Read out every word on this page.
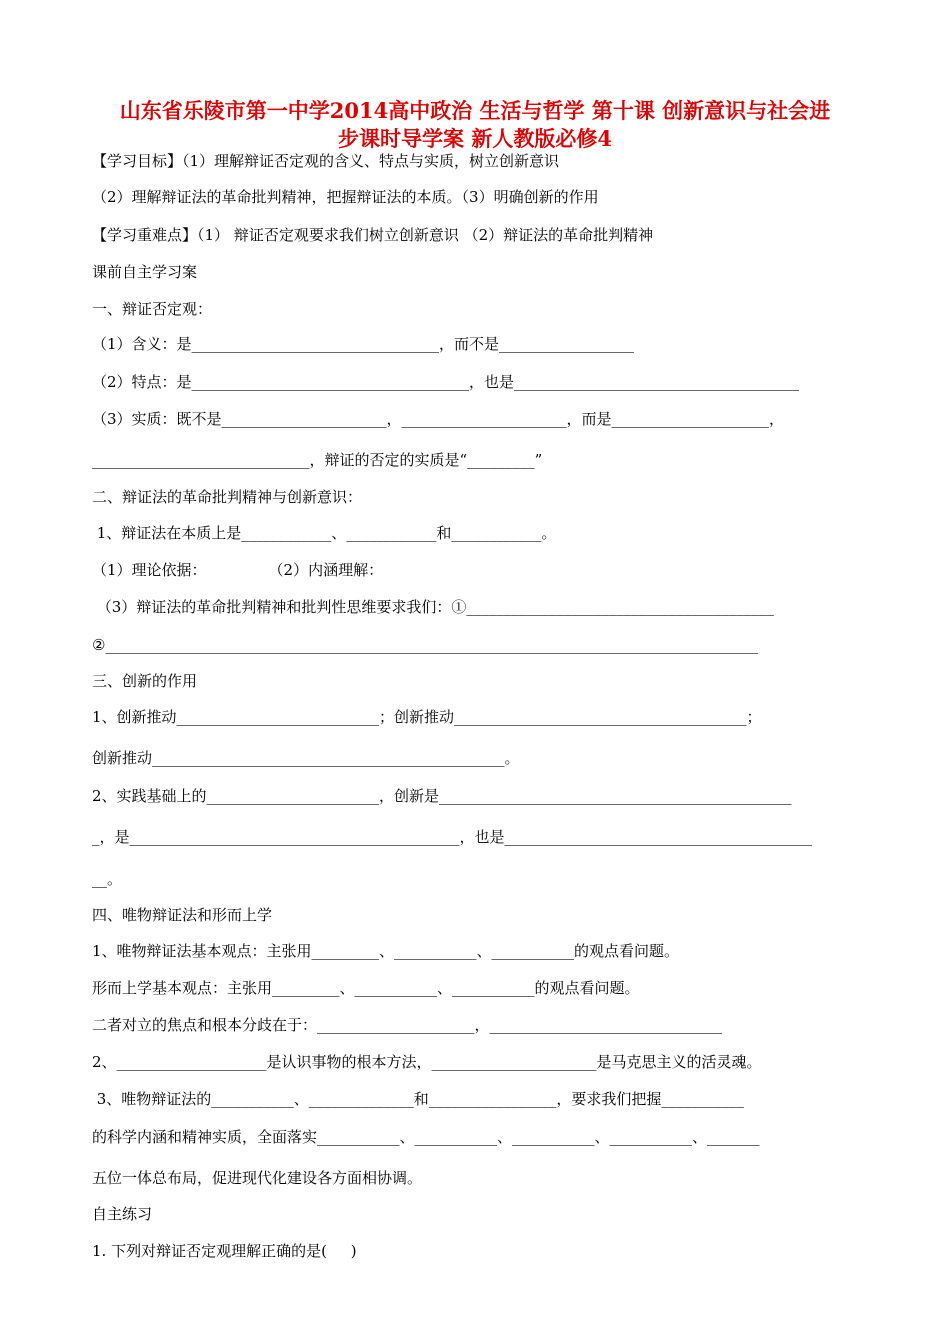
山东省乐陵市第一中学2014高中政治 生活与哲学 第十课 创新意识与社会进
步课时导学案 新人教版必修4
【学习目标】（1）理解辩证否定观的含义、特点与实质，树立创新意识
（2）理解辩证法的革命批判精神，把握辩证法的本质。（3）明确创新的作用
【学习重难点】（1） 辩证否定观要求我们树立创新意识 （2）辩证法的革命批判精神
课前自主学习案
一、辩证否定观：
（1）含义：是_________________________________，而不是__________________
（2）特点：是_____________________________________，也是______________________________________
（3）实质：既不是______________________，______________________，而是_____________________，
_____________________________，辩证的否定的实质是“_________”
二、辩证法的革命批判精神与创新意识：
1、辩证法在本质上是____________、____________和____________。
（1）理论依据：             （2）内涵理解：
（3）辩证法的革命批判精神和批判性思维要求我们：①_________________________________________
②_______________________________________________________________________________________
三、创新的作用
1、创新推动___________________________；创新推动_______________________________________；
创新推动_______________________________________________。
2、实践基础上的_______________________，创新是_______________________________________________
_，是____________________________________________，也是_________________________________________
__。
四、唯物辩证法和形而上学
1、唯物辩证法基本观点：主张用_________、___________、___________的观点看问题。
形而上学基本观点：主张用_________、___________、___________的观点看问题。
二者对立的焦点和根本分歧在于：_____________________，_______________________________
2、____________________是认识事物的根本方法，______________________是马克思主义的活灵魂。
3、唯物辩证法的___________、______________和_________________，要求我们把握___________
的科学内涵和精神实质，全面落实___________、___________、___________、___________、_______
五位一体总布局，促进现代化建设各方面相协调。
自主练习
1. 下列对辩证否定观理解正确的是(     )
